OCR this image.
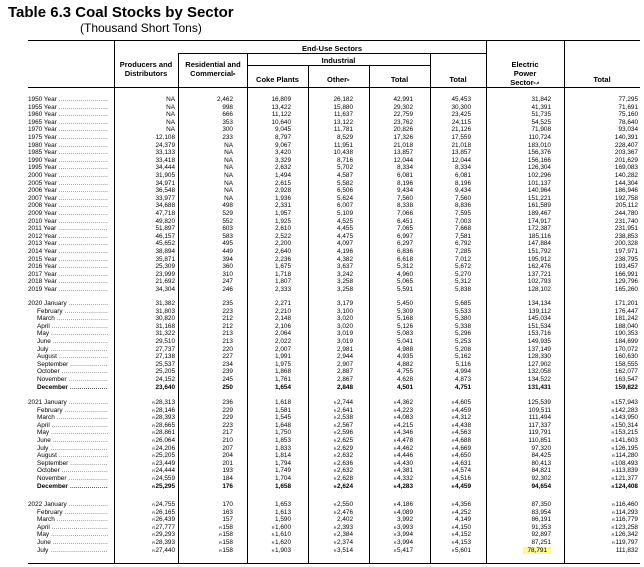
Table 6.3 Coal Stocks by Sector
(Thousand Short Tons)
End-Use Sectors
Industrial
Producers and Distributors
Residential and Commercial$^a$
Coke Plants	Other$^b$	Total	Total
Electric Power Sector$^{c,d}$	Total
1950 Year .....	NA	2,462	16,809	26,182	42,991	45,453	31,842	77,295
1955 Year .....	NA	998	13,422	15,880	29,302	30,300	41,391	71,691
1960 Year .....	NA	666	11,122	11,637	22,759	23,425	51,735	75,160
1965 Year .....	NA	353	10,640	13,122	23,762	24,115	54,525	78,640
1970 Year .....	NA	300	9,045	11,781	20,826	21,126	71,908	93,034
1975 Year .....	12,108	233	8,797	8,529	17,326	17,559	110,724	140,391
1980 Year .....	24,379	NA	9,067	11,951	21,018	21,018	183,010	228,407
1985 Year .....	33,133	NA	3,420	10,438	13,857	13,857	156,376	203,367
1990 Year .....	33,418	NA	3,329	8,716	12,044	12,044	156,166	201,629
1995 Year .....	34,444	NA	2,632	5,702	8,334	8,334	126,304	169,083
2000 Year .....	31,905	NA	1,494	4,587	6,081	6,081	102,296	140,282
2005 Year .....	34,971	NA	2,615	5,582	8,196	8,196	101,137	144,304
2006 Year .....	36,548	NA	2,928	6,506	9,434	9,434	140,964	186,946
2007 Year .....	33,977	NA	1,936	5,624	7,560	7,560	151,221	192,758
2008 Year .....	34,688	498	2,331	6,007	8,338	8,836	161,589	205,112
2009 Year .....	47,718	529	1,957	5,109	7,066	7,595	189,467	244,780
2010 Year .....	49,820	552	1,925	4,525	6,451	7,003	174,917	231,740
2011 Year .....	51,897	603	2,610	4,455	7,065	7,668	172,387	231,951
2012 Year .....	46,157	583	2,522	4,475	6,997	7,581	185,116	238,853
2013 Year .....	45,652	495	2,200	4,097	6,297	6,792	147,884	200,328
2014 Year .....	38,894	449	2,640	4,196	6,836	7,285	151,792	197,971
2015 Year .....	35,871	394	2,236	4,382	6,618	7,012	195,912	238,795
2016 Year .....	25,309	360	1,675	3,637	5,312	5,672	162,476	193,457
2017 Year .....	23,999	310	1,718	3,242	4,960	5,270	137,721	166,991
2018 Year .....	21,692	247	1,807	3,258	5,065	5,312	102,793	129,796
2019 Year .....	34,304	246	2,333	3,258	5,591	5,838	128,102	165,260
2020 January .....	31,382	235	2,271	3,179	5,450	5,685	134,134	171,201
February .....	31,803	223	2,210	3,100	5,309	5,533	139,112	176,447
March .....	30,820	212	2,148	3,020	5,168	5,380	145,034	181,242
April .....	31,168	212	2,106	3,020	5,126	5,338	151,534	188,040
May .....	31,322	213	2,064	3,019	5,083	5,296	153,716	190,353
June .....	29,510	213	2,022	3,019	5,041	5,253	149,935	184,699
July .....	27,737	220	2,007	2,981	4,988	5,208	137,149	170,072
August .....	27,138	227	1,991	2,944	4,935	5,162	128,330	160,630
September .....	25,537	234	1,975	2,907	4,882	5,116	127,902	158,555
October .....	25,205	239	1,868	2,887	4,755	4,994	132,058	162,077
November .....	24,152	245	1,761	2,867	4,628	4,873	134,522	163,547
December .....	23,640	250	1,654	2,848	4,501	4,751	131,431	159,822
2021 January .....	$^R$28,313	236	1,618	$^R$2,744	$^R$4,362	$^R$4,605	125,539	$^R$157,943
February .....	$^R$28,146	229	1,581	$^R$2,641	$^R$4,223	$^R$4,459	109,511	$^R$142,283
March .....	$^R$28,393	229	1,545	$^R$2,538	$^R$4,083	$^R$4,312	111,494	$^R$143,950
April .....	$^R$28,665	223	1,648	$^R$2,567	$^R$4,215	$^R$4,438	117,337	$^R$150,314
May .....	$^R$28,861	217	1,750	$^R$2,596	$^R$4,346	$^R$4,563	119,791	$^R$153,215
June .....	$^R$26,064	210	1,853	$^R$2,625	$^R$4,478	$^R$4,688	110,851	$^R$141,603
July .....	$^R$24,206	207	1,833	$^R$2,629	$^R$4,462	$^R$4,669	97,320	$^R$126,195
August .....	$^R$25,205	204	1,814	$^R$2,632	$^R$4,446	$^R$4,650	84,425	$^R$114,280
September .....	$^R$23,449	201	1,794	$^R$2,636	$^R$4,430	$^R$4,631	80,413	$^R$108,493
October .....	$^R$24,444	193	1,749	$^R$2,632	$^R$4,381	$^R$4,574	84,821	$^R$113,839
November .....	$^R$24,559	184	1,704	$^R$2,628	$^R$4,332	$^R$4,516	92,302	$^R$121,377
December .....	$^R$25,295	176	1,658	$^R$2,624	$^R$4,283	$^R$4,459	94,654	$^R$124,408
2022 January .....	$^R$24,755	170	1,653	$^R$2,550	$^R$4,186	$^R$4,356	87,350	$^R$116,460
February .....	$^R$26,165	163	1,613	$^R$2,476	$^R$4,089	$^R$4,252	83,954	$^R$114,293
March .....	$^R$26,439	157	1,590	2,402	3,992	4,149	86,191	$^R$116,779
April .....	$^R$27,777	$^R$158	$^R$1,600	$^R$2,393	$^R$3,993	$^R$4,150	91,353	$^R$123,258
May .....	$^R$29,293	$^R$158	$^R$1,610	$^R$2,384	$^R$3,994	$^R$4,152	92,897	$^R$126,342
June .....	$^R$28,393	$^R$158	$^R$1,620	$^R$2,374	$^R$3,994	$^R$4,153	87,251	$^R$119,797
July .....	$^R$27,440	$^R$158	$^R$1,903	$^R$3,514	$^R$5,417	$^R$5,601	78,791	111,832
